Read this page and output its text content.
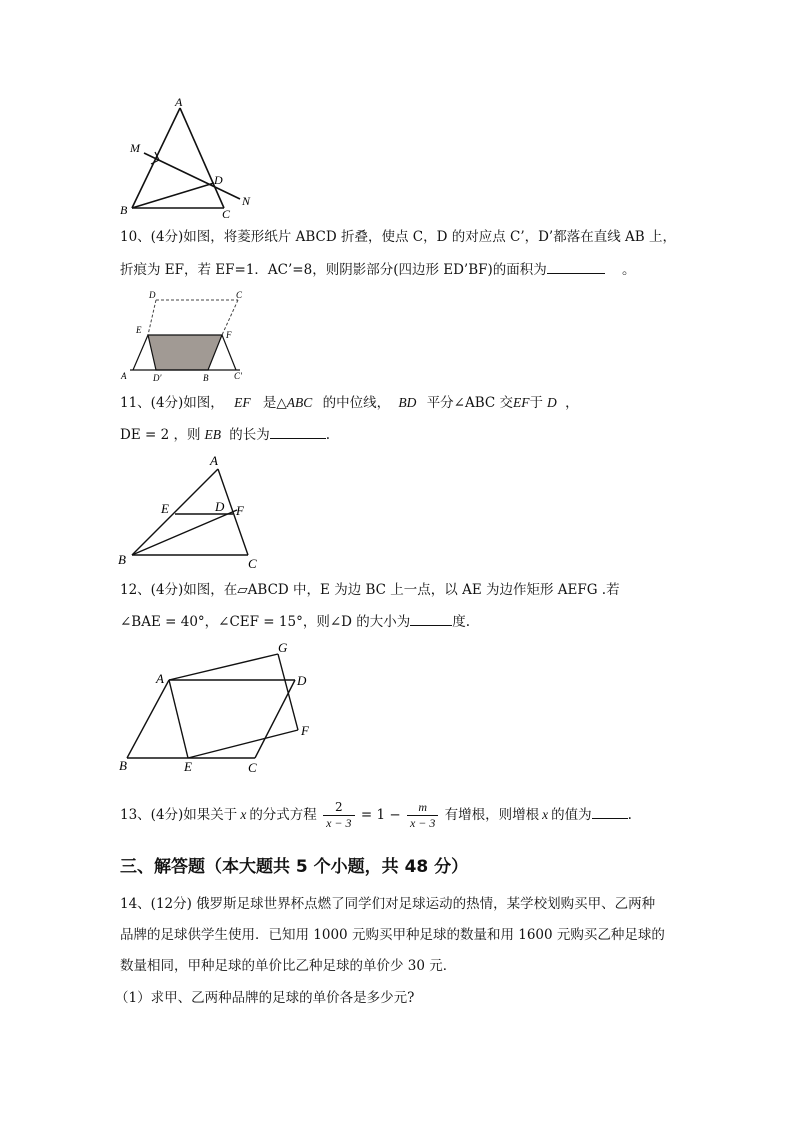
A
M
D
N
B	C
10、(4分)如图，将菱形纸片 ABCD 折叠，使点 C，D 的对应点 C’，D’都落在直线 AB 上，
折痕为 EF，若 EF=1．AC’=8，则阴影部分(四边形 ED’BF)的面积为	。
D	C
E	F
A	D'	B	C'
11、(4分)如图， EF 是△ABC 的中位线， BD 平分∠ABC 交EF于 D ，
DE = 2 ，则 EB 的长为	.
A
E	D F
B	C
12、(4分)如图，在▱ABCD 中，E 为边 BC 上一点，以 AE 为边作矩形 AEFG .若
∠BAE = 40°，∠CEF = 15°，则∠D 的大小为	度.
G
A	D
F
B	E	C
13、(4分)如果关于 x 的分式方程 $\frac{2}{x - 3} = 1 - \frac{m}{x - 3}$ 有增根，则增根 x 的值为	.
三、解答题（本大题共 5 个小题，共 48 分）
14、(12分) 俄罗斯足球世界杯点燃了同学们对足球运动的热情，某学校划购买甲、乙两种
品牌的足球供学生使用．已知用 1000 元购买甲种足球的数量和用 1600 元购买乙种足球的
数量相同，甲种足球的单价比乙种足球的单价少 30 元．
（1）求甲、乙两种品牌的足球的单价各是多少元?
